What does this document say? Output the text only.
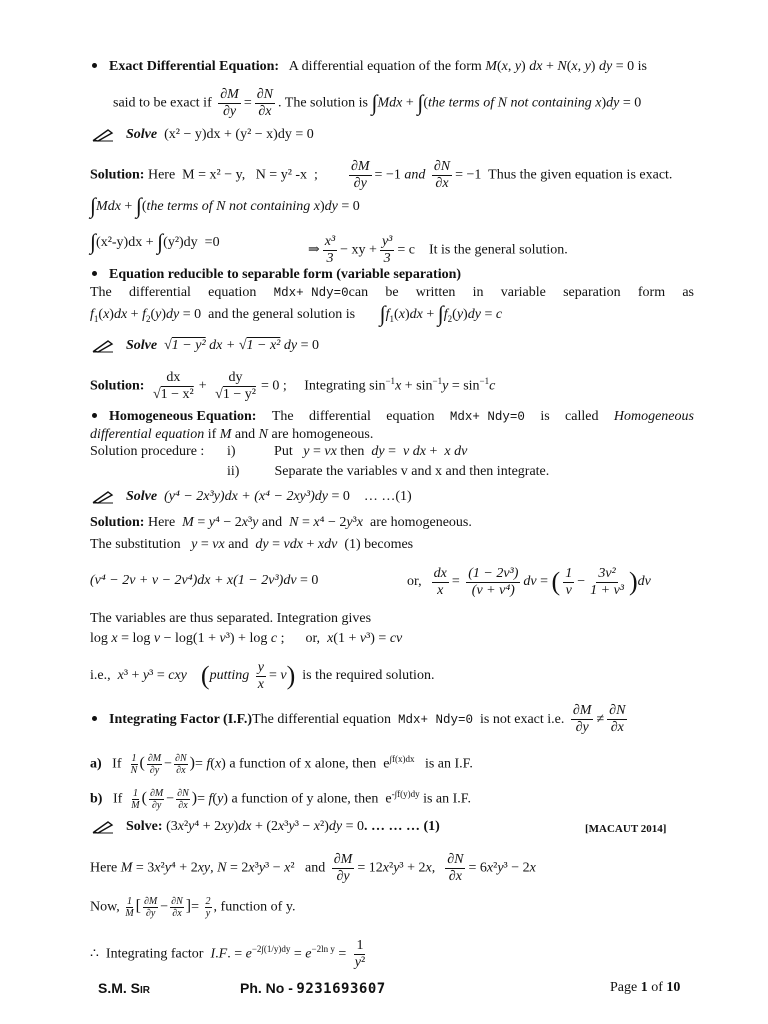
Exact Differential Equation:   A differential equation of the form M(x, y) dx + N(x, y) dy = 0 is
said to be exact if $\frac{\partial M}{\partial y} = \frac{\partial N}{\partial x}$ . The solution is ∫Mdx + ∫(the terms of N not containing x)dy = 0
Solve  (x² − y)dx + (y² − x)dy = 0
Solution: Here  M = x² − y,   N = y² -x  ; $\frac{\partial M}{\partial y} = -1$ and $\frac{\partial N}{\partial x} = -1$  Thus the given equation is exact.
∫Mdx + ∫(the terms of N not containing x)dy = 0
∫(x²-y)dx + ∫(y²)dy  =0	⇒ $\frac{\text{x³}}{3}$ − xy + $\frac{\text{y³}}{3} = c$    It is the general solution.
Equation reducible to separable form (variable separation)
The differential equation Mdx+ Ndy=0can be written in variable separation form as
$f_1(x)dx + f_2(y)dy = 0$  and the general solution is       $\int f_1(x)dx + \int f_2(y)dy = c$
Solve √1 − y² dx + √1 − x² dy = 0
Solution: $\frac{dx}{\text{√1 − x²}} + \frac{dy}{\text{√1 − y²}} = 0$ ;     Integrating $\sin^{-1}x + \sin^{-1}y = \sin^{-1}c$
Homogeneous Equation: The differential equation Mdx+ Ndy=0 is called Homogeneous
differential equation if M and N are homogeneous.
Solution procedure : i)           Put   y = vx then  dy =  v dx +  x dv
ii)          Separate the variables v and x and then integrate.
Solve (y⁴ − 2x³y)dx + (x⁴ − 2xy³)dy = 0    … …(1)
Solution: Here  M = y⁴ − 2x³y and  N = x⁴ − 2y³x  are homogeneous.
The substitution   y = vx and  dy = vdx + xdv  (1) becomes
(v⁴ − 2v + v − 2v⁴)dx + x(1 − 2v³)dv = 0	or, $\frac{dx}{x} = \frac{\text{(1 − 2v³)}}{\text{(v + v⁴)}}$ dv = ( $\frac{1}{v} - \frac{\text{3v²}}{\text{1 + v³}} )dv$
The variables are thus separated. Integration gives
log x = log v − log(1 + v³) + log c ;      or,  x(1 + v³) = cv
i.e.,  x³ + y³ = cxy (putting $\frac{y}{x} = v$)  is the required solution.
Integrating Factor (I.F.)The differential equation  Mdx+ Ndy=0  is not exact i.e. $\frac{\partial M}{\partial y} \ne \frac{\partial N}{\partial x}$
a)   If $\frac{1}{N}$ ( $\frac{\partial M}{\partial y} - \frac{\partial N}{\partial x}$ )= f(x) a function of x alone, then  $e^{\int f(x)dx}$   is an I.F.
b)   If $\frac{1}{M}$ ( $\frac{\partial M}{\partial y} - \frac{\partial N}{\partial x}$ )= f(y) a function of y alone, then  $e^{-\int f(y)dy}$ is an I.F.
Solve: (3x²y⁴ + 2xy)dx + (2x³y³ − x²)dy = 0. … … … (1)	[MACAUT 2014]
Here M = 3x²y⁴ + 2xy, N = 2x³y³ − x²   and $\frac{\partial M}{\partial y} = 12x^2y^3 + 2x$, $\frac{\partial N}{\partial x} = 6x^2y^3 - 2x$
Now, $\frac{1}{M}$ [ $\frac{\partial M}{\partial y} - \frac{\partial N}{\partial x}$ ]= $\frac{2}{y}$ , function of y.
∴  Integrating factor  I.F. = $e^{-2\int(1/y)dy} = e^{-2ln y} = \frac{1}{\text{y²}}$
S.M. Sir	Ph. No - 9231693607	Page 1 of 10
